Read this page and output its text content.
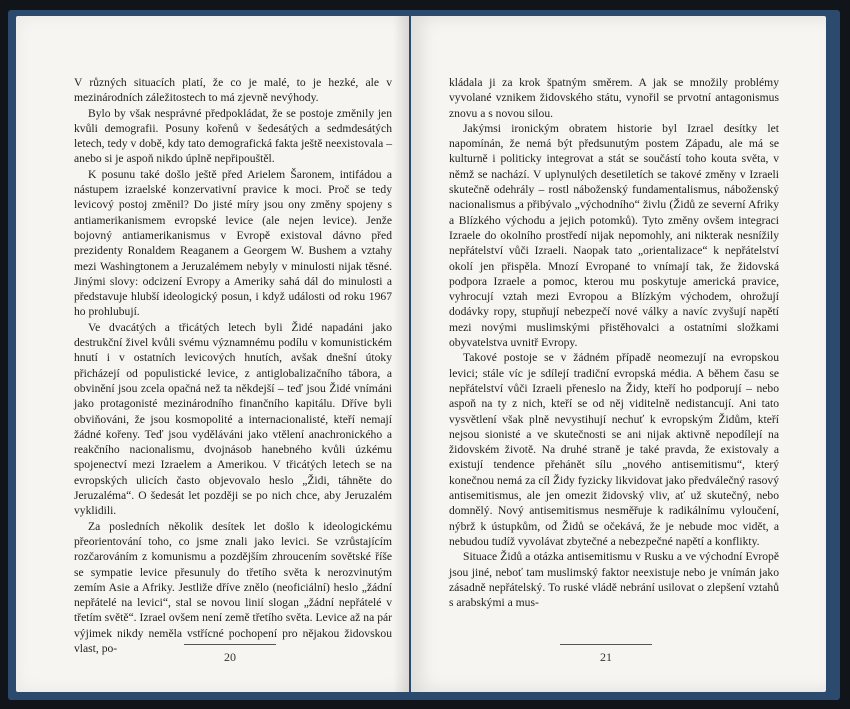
V různých situacích platí, že co je malé, to je hezké, ale v mezinárodních záležitostech to má zjevně nevýhody.

Bylo by však nesprávné předpokládat, že se postoje změnily jen kvůli demografii. Posuny kořenů v šedesátých a sedmdesátých letech, tedy v době, kdy tato demografická fakta ještě neexistovala – anebo si je aspoň nikdo úplně nepřipouštěl.

K posunu také došlo ještě před Arielem Šaronem, intifádou a nástupem izraelské konzervativní pravice k moci. Proč se tedy levicový postoj změnil? Do jisté míry jsou ony změny spojeny s antiamerikanismem evropské levice (ale nejen levice). Jenže bojovný antiamerikanismus v Evropě existoval dávno před prezidenty Ronaldem Reaganem a Georgem W. Bushem a vztahy mezi Washingtonem a Jeruzalémem nebyly v minulosti nijak těsné. Jinými slovy: odcizení Evropy a Ameriky sahá dál do minulosti a představuje hlubší ideologický posun, i když události od roku 1967 ho prohlubují.

Ve dvacátých a třicátých letech byli Židé napadáni jako destrukční živel kvůli svému významnému podílu v komunistickém hnutí i v ostatních levicových hnutích, avšak dnešní útoky přicházejí od populistické levice, z antiglobalizačního tábora, a obvinění jsou zcela opačná než ta někdejší – teď jsou Židé vnímáni jako protagonisté mezinárodního finančního kapitálu. Dříve byli obviňováni, že jsou kosmopolité a internacionalisté, kteří nemají žádné kořeny. Teď jsou vyděláváni jako vtělení anachronického a reakčního nacionalismu, dvojnásob hanebného kvůli úzkému spojenectví mezi Izraelem a Amerikou. V třicátých letech se na evropských ulicích často objevovalo heslo „Židi, táhněte do Jeruzaléma“. O šedesát let později se po nich chce, aby Jeruzalém vyklidili.

Za posledních několik desítek let došlo k ideologickému přeorientování toho, co jsme znali jako levici. Se vzrůstajícím rozčarováním z komunismu a pozdějším zhroucením sovětské říše se sympatie levice přesunuly do třetího světa k nerozvinutým zemím Asie a Afriky. Jestliže dříve znělo (neoficiální) heslo „žádní nepřátelé na levici“, stal se novou linií slogan „žádní nepřátelé v třetím světě“. Izrael ovšem není země třetího světa. Levice až na pár výjimek nikdy neměla vstřícné pochopení pro nějakou židovskou vlast, po-

20

kládala ji za krok špatným směrem. A jak se množily problémy vyvolané vznikem židovského státu, vynořil se prvotní antagonismus znovu a s novou silou.

Jakýmsi ironickým obratem historie byl Izrael desítky let napomínán, že nemá být předsunutým postem Západu, ale má se kulturně i politicky integrovat a stát se součástí toho kouta světa, v němž se nachází. V uplynulých desetiletích se takové změny v Izraeli skutečně odehrály – rostl náboženský fundamentalismus, náboženský nacionalismus a přibývalo „východního“ živlu (Židů ze severní Afriky a Blízkého východu a jejich potomků). Tyto změny ovšem integraci Izraele do okolního prostředí nijak nepomohly, ani nikterak nesnížily nepřátelství vůči Izraeli. Naopak tato „orientalizace“ k nepřátelství okolí jen přispěla. Mnozí Evropané to vnímají tak, že židovská podpora Izraele a pomoc, kterou mu poskytuje americká pravice, vyhrocují vztah mezi Evropou a Blízkým východem, ohrožují dodávky ropy, stupňují nebezpečí nové války a navíc zvyšují napětí mezi novými muslimskými přistěhovalci a ostatními složkami obyvatelstva uvnitř Evropy.

Takové postoje se v žádném případě neomezují na evropskou levici; stále víc je sdílejí tradiční evropská média. A během času se nepřátelství vůči Izraeli přeneslo na Židy, kteří ho podporují – nebo aspoň na ty z nich, kteří se od něj viditelně nedistancují. Ani tato vysvětlení však plně nevystihují nechuť k evropským Židům, kteří nejsou sionisté a ve skutečnosti se ani nijak aktivně nepodílejí na židovském životě. Na druhé straně je také pravda, že existovaly a existují tendence přehánět sílu „nového antisemitismu“, který konečnou nemá za cíl Židy fyzicky likvidovat jako předválečný rasový antisemitismus, ale jen omezit židovský vliv, ať už skutečný, nebo domnělý. Nový antisemitismus nesměřuje k radikálnímu vyloučení, nýbrž k ústupkům, od Židů se očekává, že je nebude moc vidět, a nebudou tudíž vyvolávat zbytečné a nebezpečné napětí a konflikty.

Situace Židů a otázka antisemitismu v Rusku a ve východní Evropě jsou jiné, neboť tam muslimský faktor neexistuje nebo je vnímán jako zásadně nepřátelský. To ruské vládě nebrání usilovat o zlepšení vztahů s arabskými a mus-

21
